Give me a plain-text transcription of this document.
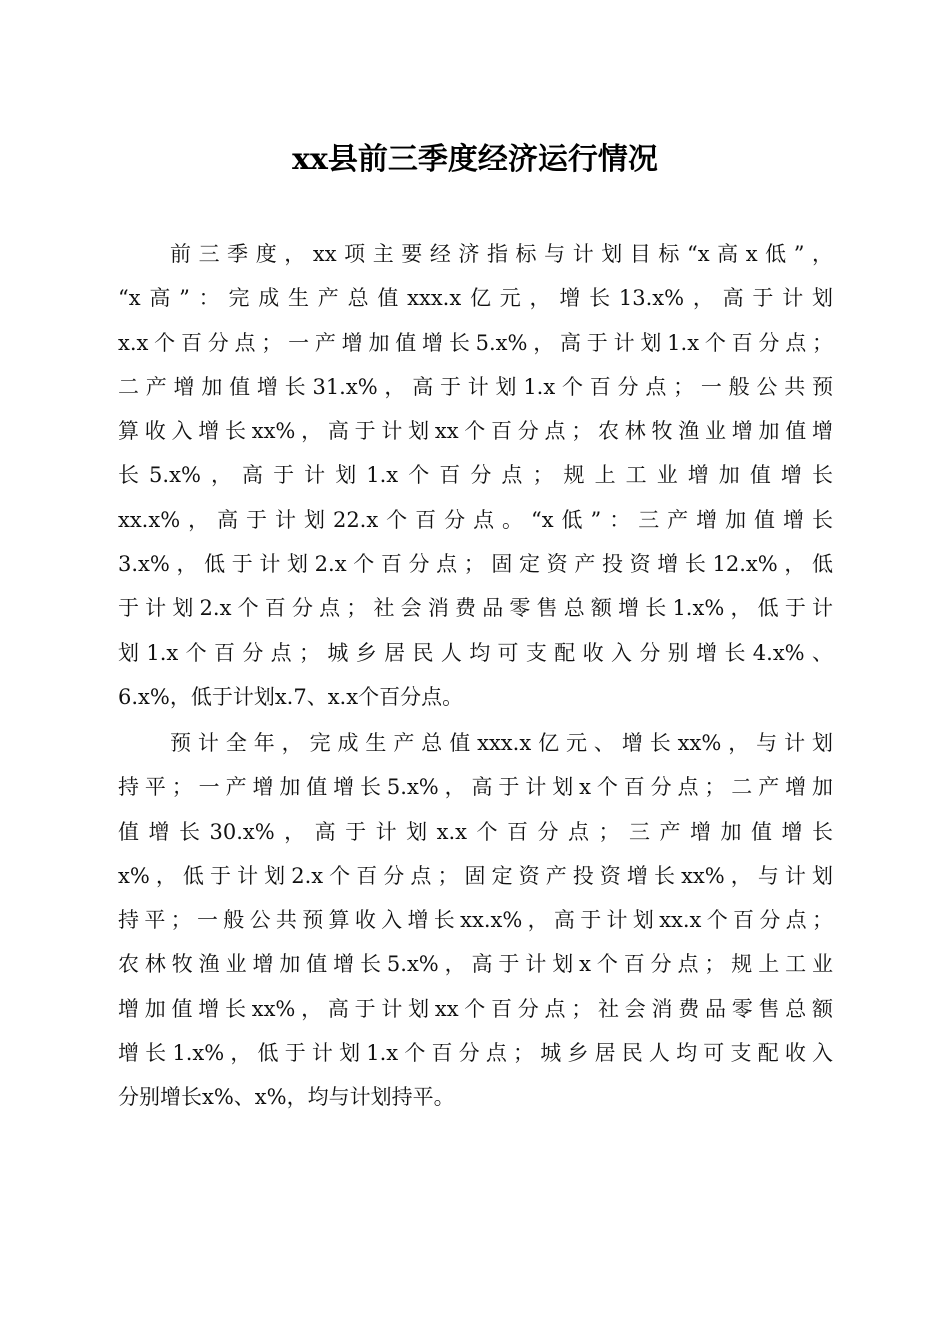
xx县前三季度经济运行情况

前三季度，xx项主要经济指标与计划目标“x高x低”，
“x高”：完成生产总值xxx.x亿元，增长13.x%，高于计划
x.x个百分点；一产增加值增长5.x%，高于计划1.x个百分点；
二产增加值增长31.x%，高于计划1.x个百分点；一般公共预
算收入增长xx%，高于计划xx个百分点；农林牧渔业增加值增
长5.x%，高于计划1.x个百分点；规上工业增加值增长
xx.x%，高于计划22.x个百分点。“x低”：三产增加值增长
3.x%，低于计划2.x个百分点；固定资产投资增长12.x%，低
于计划2.x个百分点；社会消费品零售总额增长1.x%，低于计
划1.x个百分点；城乡居民人均可支配收入分别增长4.x%、
6.x%，低于计划x.7、x.x个百分点。

预计全年，完成生产总值xxx.x亿元、增长xx%，与计划
持平；一产增加值增长5.x%，高于计划x个百分点；二产增加
值增长30.x%，高于计划x.x个百分点；三产增加值增长
x%，低于计划2.x个百分点；固定资产投资增长xx%，与计划
持平；一般公共预算收入增长xx.x%，高于计划xx.x个百分点；
农林牧渔业增加值增长5.x%，高于计划x个百分点；规上工业
增加值增长xx%，高于计划xx个百分点；社会消费品零售总额
增长1.x%，低于计划1.x个百分点；城乡居民人均可支配收入
分别增长x%、x%，均与计划持平。
